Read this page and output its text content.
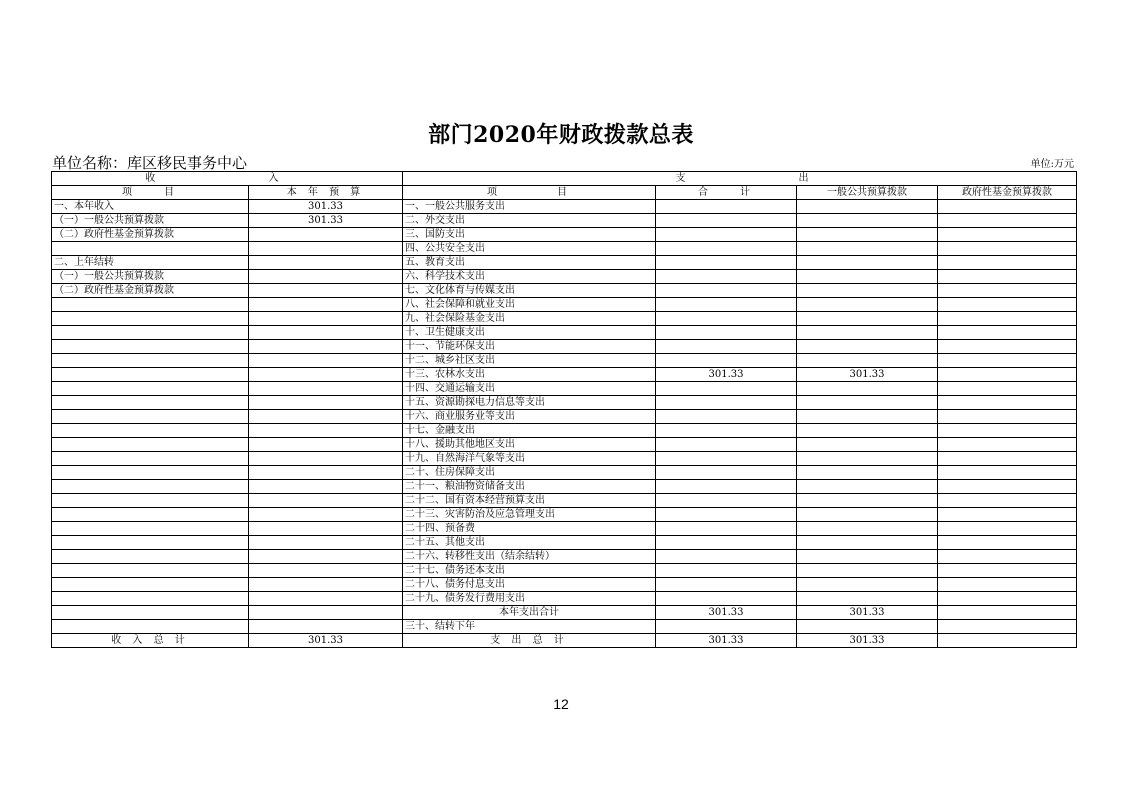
部门2020年财政拨款总表
单位名称：库区移民事务中心	单位:万元
收	入		支	出	
项　　目	本 年 预 算	项　　　　目	合　　计	一般公共预算拨款	政府性基金预算拨款
一、本年收入	301.33	一、一般公共服务支出			
（一）一般公共预算拨款	301.33	二、外交支出			
（二）政府性基金预算拨款		三、国防支出			
		四、公共安全支出			
二、上年结转		五、教育支出			
（一）一般公共预算拨款		六、科学技术支出			
（二）政府性基金预算拨款		七、文化体育与传媒支出			
		八、社会保障和就业支出			
		九、社会保险基金支出			
		十、卫生健康支出			
		十一、节能环保支出			
		十二、城乡社区支出			
		十三、农林水支出	301.33	301.33	
		十四、交通运输支出			
		十五、资源勘探电力信息等支出			
		十六、商业服务业等支出			
		十七、金融支出			
		十八、援助其他地区支出			
		十九、自然海洋气象等支出			
		二十、住房保障支出			
		二十一、粮油物资储备支出			
		二十二、国有资本经营预算支出			
		二十三、灾害防治及应急管理支出			
		二十四、预备费			
		二十五、其他支出			
		二十六、转移性支出（结余结转）			
		二十七、债务还本支出			
		二十八、债务付息支出			
		二十九、债务发行费用支出			
		本年支出合计	301.33	301.33	
		三十、结转下年			
收 入 总 计	301.33	支 出 总 计	301.33	301.33	
12
